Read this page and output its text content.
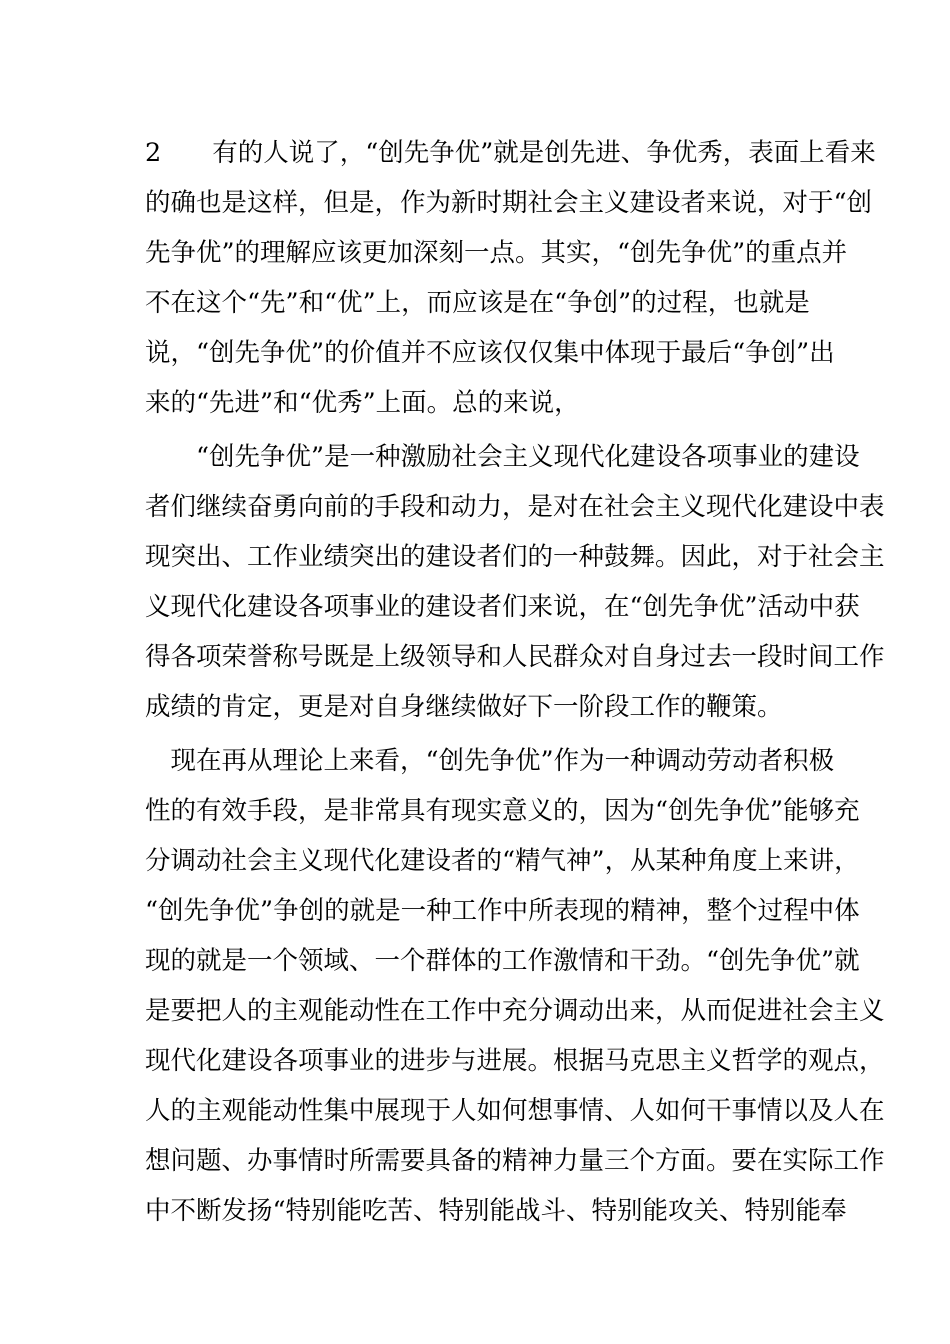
2　　有的人说了，“创先争优”就是创先进、争优秀，表面上看来
的确也是这样，但是，作为新时期社会主义建设者来说，对于“创
先争优”的理解应该更加深刻一点。其实，“创先争优”的重点并
不在这个“先”和“优”上，而应该是在“争创”的过程，也就是
说，“创先争优”的价值并不应该仅仅集中体现于最后“争创”出
来的“先进”和“优秀”上面。总的来说，
　　“创先争优”是一种激励社会主义现代化建设各项事业的建设
者们继续奋勇向前的手段和动力，是对在社会主义现代化建设中表
现突出、工作业绩突出的建设者们的一种鼓舞。因此，对于社会主
义现代化建设各项事业的建设者们来说，在“创先争优”活动中获
得各项荣誉称号既是上级领导和人民群众对自身过去一段时间工作
成绩的肯定，更是对自身继续做好下一阶段工作的鞭策。
　现在再从理论上来看，“创先争优”作为一种调动劳动者积极
性的有效手段，是非常具有现实意义的，因为“创先争优”能够充
分调动社会主义现代化建设者的“精气神”，从某种角度上来讲，
“创先争优”争创的就是一种工作中所表现的精神，整个过程中体
现的就是一个领域、一个群体的工作激情和干劲。“创先争优”就
是要把人的主观能动性在工作中充分调动出来，从而促进社会主义
现代化建设各项事业的进步与进展。根据马克思主义哲学的观点，
人的主观能动性集中展现于人如何想事情、人如何干事情以及人在
想问题、办事情时所需要具备的精神力量三个方面。要在实际工作
中不断发扬“特别能吃苦、特别能战斗、特别能攻关、特别能奉
